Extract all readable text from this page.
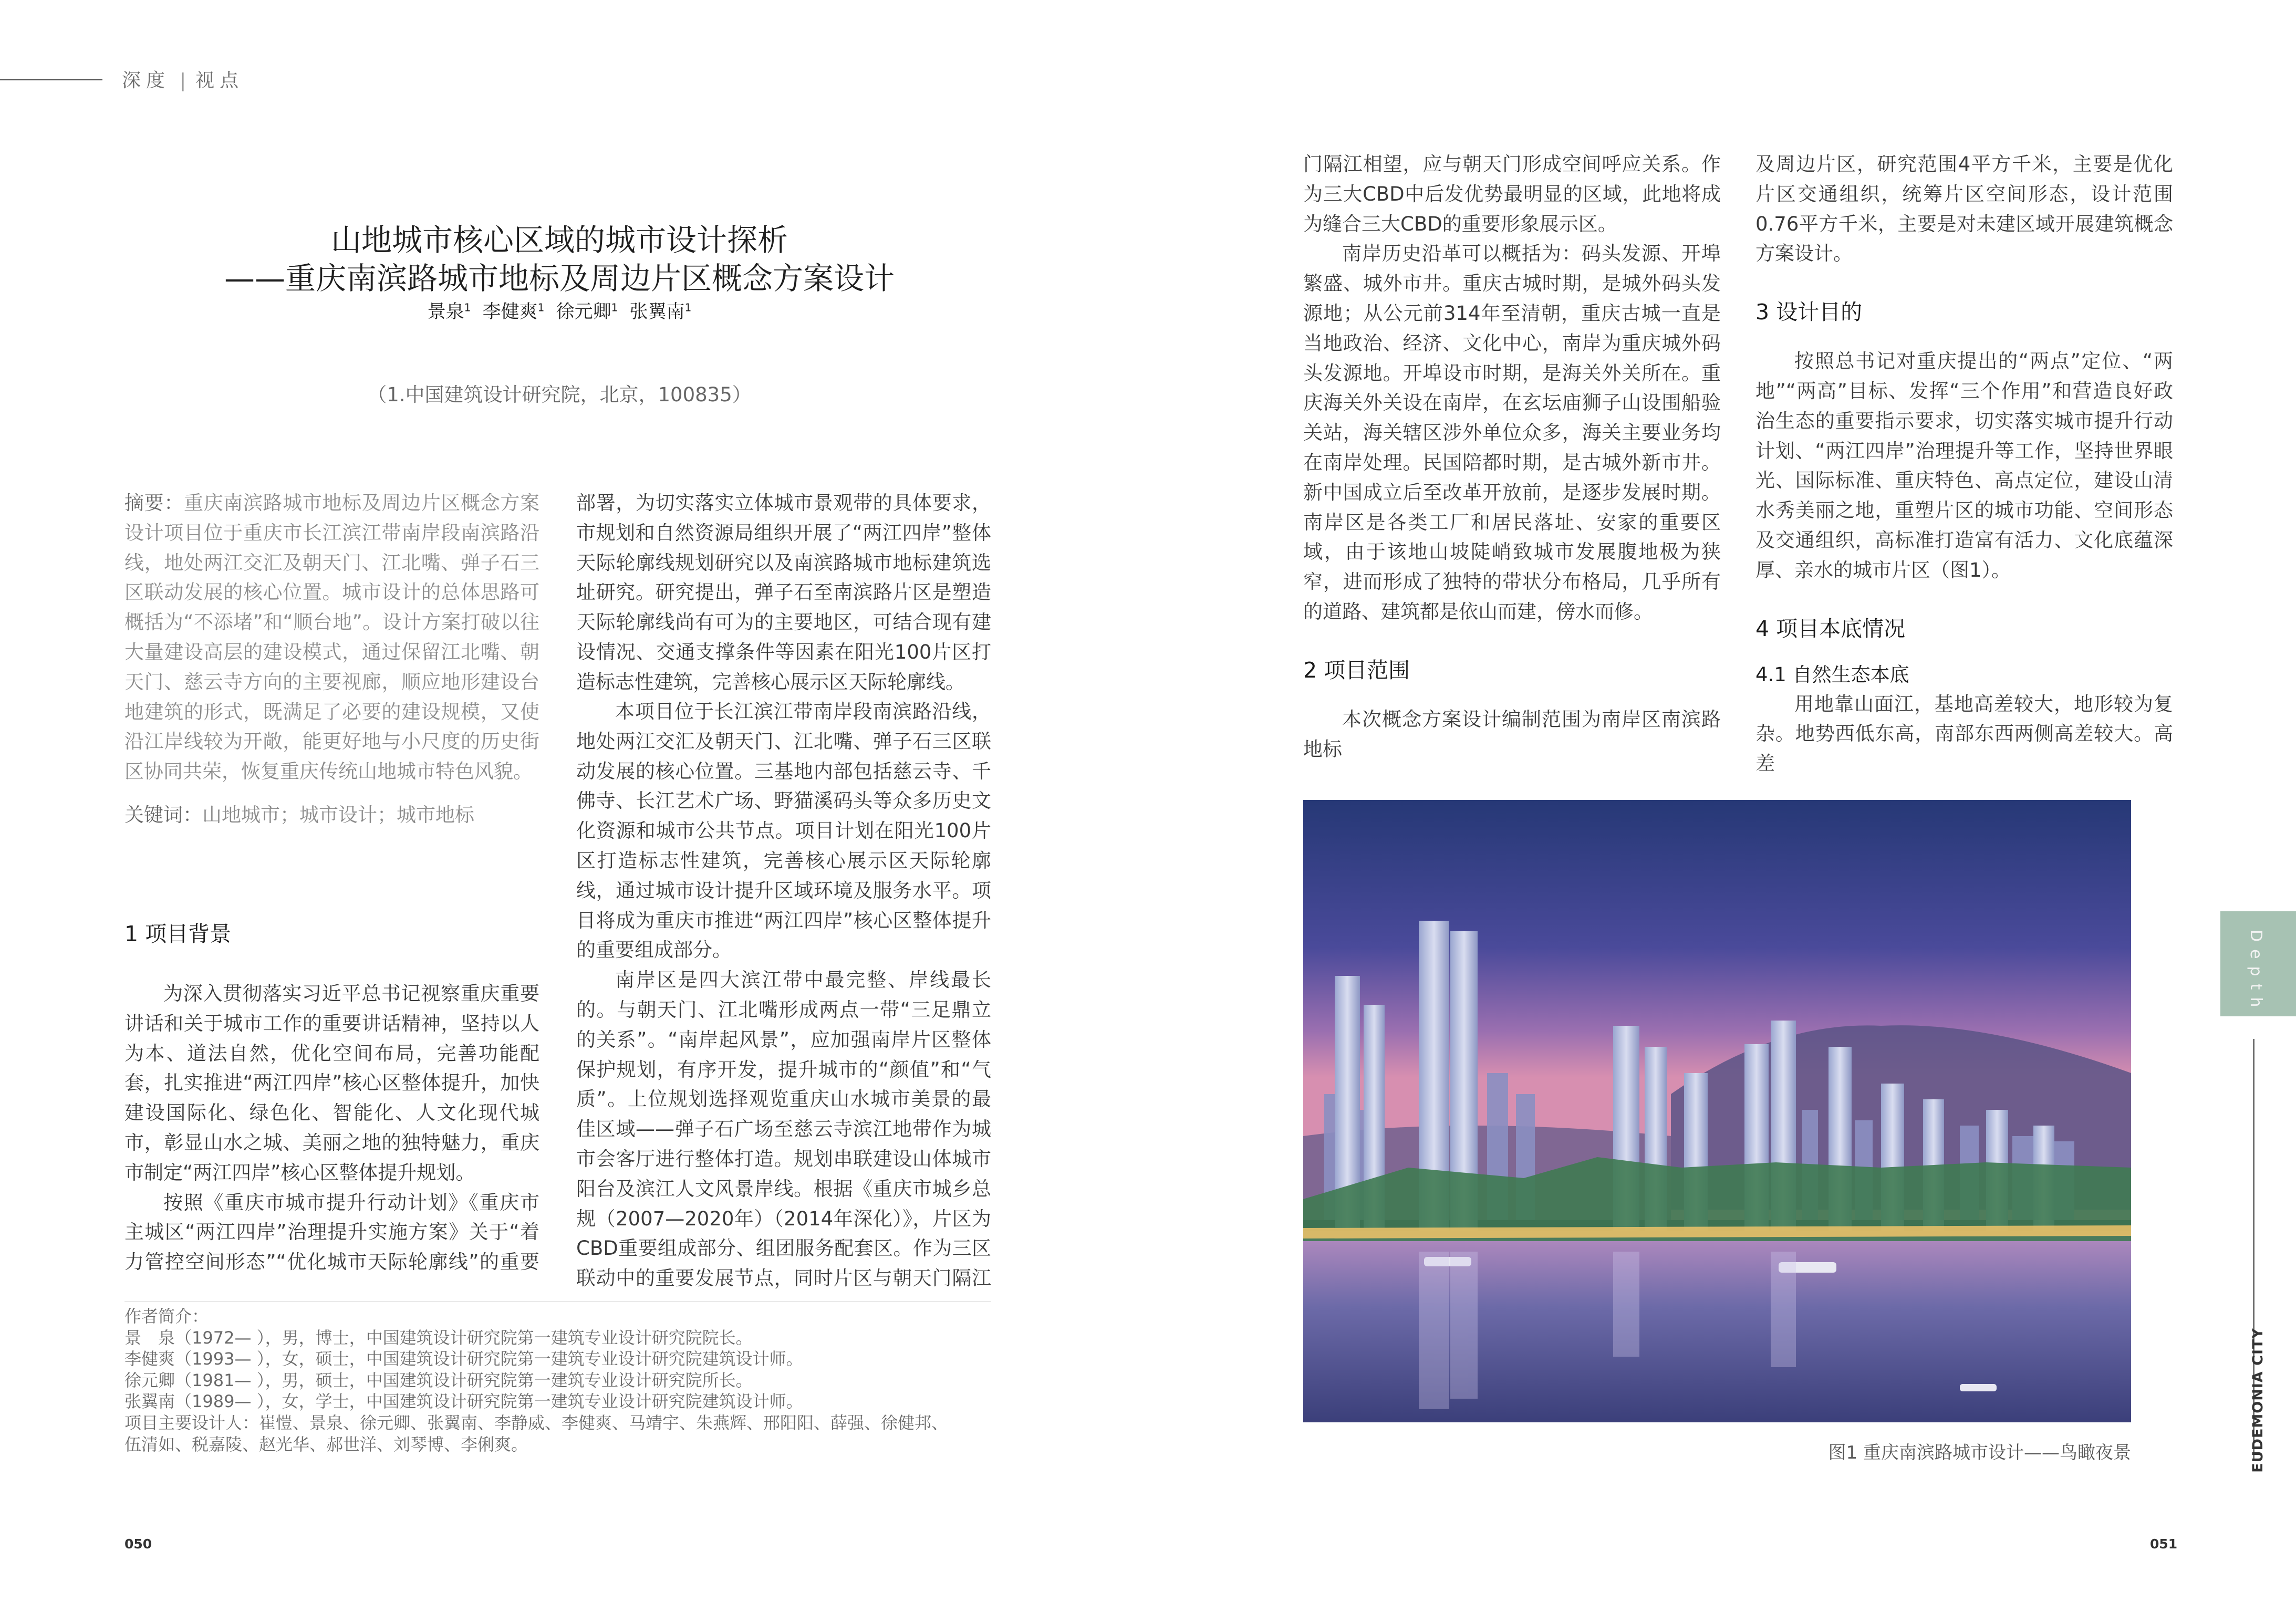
深度 | 视点
山地城市核心区域的城市设计探析
——重庆南滨路城市地标及周边片区概念方案设计
景泉$^1$ 李健爽$^1$ 徐元卿$^1$ 张翼南$^1$
（1.中国建筑设计研究院，北京，100835）

摘要：重庆南滨路城市地标及周边片区概念方案设计项目位于重庆市长江滨江带南岸段南滨路沿线，地处两江交汇及朝天门、江北嘴、弹子石三区联动发展的核心位置。城市设计的总体思路可概括为“不添堵”和“顺台地”。设计方案打破以往大量建设高层的建设模式，通过保留江北嘴、朝天门、慈云寺方向的主要视廊，顺应地形建设台地建筑的形式，既满足了必要的建设规模，又使沿江岸线较为开敞，能更好地与小尺度的历史街区协同共荣，恢复重庆传统山地城市特色风貌。

关键词：山地城市；城市设计；城市地标

1 项目背景

为深入贯彻落实习近平总书记视察重庆重要讲话和关于城市工作的重要讲话精神，坚持以人为本、道法自然，优化空间布局，完善功能配套，扎实推进“两江四岸”核心区整体提升，加快建设国际化、绿色化、智能化、人文化现代城市，彰显山水之城、美丽之地的独特魅力，重庆市制定“两江四岸”核心区整体提升规划。

按照《重庆市城市提升行动计划》《重庆市主城区“两江四岸”治理提升实施方案》关于“着力管控空间形态”“优化城市天际轮廓线”的重要

部署，为切实落实立体城市景观带的具体要求，市规划和自然资源局组织开展了“两江四岸”整体天际轮廓线规划研究以及南滨路城市地标建筑选址研究。研究提出，弹子石至南滨路片区是塑造天际轮廓线尚有可为的主要地区，可结合现有建设情况、交通支撑条件等因素在阳光100片区打造标志性建筑，完善核心展示区天际轮廓线。

本项目位于长江滨江带南岸段南滨路沿线，地处两江交汇及朝天门、江北嘴、弹子石三区联动发展的核心位置。三基地内部包括慈云寺、千佛寺、长江艺术广场、野猫溪码头等众多历史文化资源和城市公共节点。项目计划在阳光100片区打造标志性建筑，完善核心展示区天际轮廓线，通过城市设计提升区域环境及服务水平。项目将成为重庆市推进“两江四岸”核心区整体提升的重要组成部分。

南岸区是四大滨江带中最完整、岸线最长的。与朝天门、江北嘴形成两点一带“三足鼎立的关系”。“南岸起风景”，应加强南岸片区整体保护规划，有序开发，提升城市的“颜值”和“气质”。上位规划选择观览重庆山水城市美景的最佳区域——弹子石广场至慈云寺滨江地带作为城市会客厅进行整体打造。规划串联建设山体城市阳台及滨江人文风景岸线。根据《重庆市城乡总规（2007—2020年）（2014年深化）》，片区为CBD重要组成部分、组团服务配套区。作为三区联动中的重要发展节点，同时片区与朝天门隔江

作者简介：
景　泉（1972— ），男，博士，中国建筑设计研究院第一建筑专业设计研究院院长。
李健爽（1993— ），女，硕士，中国建筑设计研究院第一建筑专业设计研究院建筑设计师。
徐元卿（1981— ），男，硕士，中国建筑设计研究院第一建筑专业设计研究院所长。
张翼南（1989— ），女，学士，中国建筑设计研究院第一建筑专业设计研究院建筑设计师。
项目主要设计人：崔愷、景泉、徐元卿、张翼南、李静威、李健爽、马靖宇、朱燕辉、邢阳阳、薛强、徐健邦、
伍清如、税嘉陵、赵光华、郝世洋、刘琴博、李俐爽。
050

门隔江相望，应与朝天门形成空间呼应关系。作为三大CBD中后发优势最明显的区域，此地将成为缝合三大CBD的重要形象展示区。

南岸历史沿革可以概括为：码头发源、开埠繁盛、城外市井。重庆古城时期，是城外码头发源地；从公元前314年至清朝，重庆古城一直是当地政治、经济、文化中心，南岸为重庆城外码头发源地。开埠设市时期，是海关外关所在。重庆海关外关设在南岸，在玄坛庙狮子山设围船验关站，海关辖区涉外单位众多，海关主要业务均在南岸处理。民国陪都时期，是古城外新市井。新中国成立后至改革开放前，是逐步发展时期。南岸区是各类工厂和居民落址、安家的重要区域，由于该地山坡陡峭致城市发展腹地极为狭窄，进而形成了独特的带状分布格局，几乎所有的道路、建筑都是依山而建，傍水而修。

2 项目范围

本次概念方案设计编制范围为南岸区南滨路地标

及周边片区，研究范围4平方千米，主要是优化片区交通组织，统筹片区空间形态，设计范围0.76平方千米，主要是对未建区域开展建筑概念方案设计。

3 设计目的

按照总书记对重庆提出的“两点”定位、“两地”“两高”目标、发挥“三个作用”和营造良好政治生态的重要指示要求，切实落实城市提升行动计划、“两江四岸”治理提升等工作，坚持世界眼光、国际标准、重庆特色、高点定位，建设山清水秀美丽之地，重塑片区的城市功能、空间形态及交通组织，高标准打造富有活力、文化底蕴深厚、亲水的城市片区（图1）。

4 项目本底情况

4.1 自然生态本底

用地靠山面江，基地高差较大，地形较为复杂。地势西低东高，南部东西两侧高差较大。高差

图1 重庆南滨路城市设计——鸟瞰夜景
Depth
EUDEMONIA CITY
051
